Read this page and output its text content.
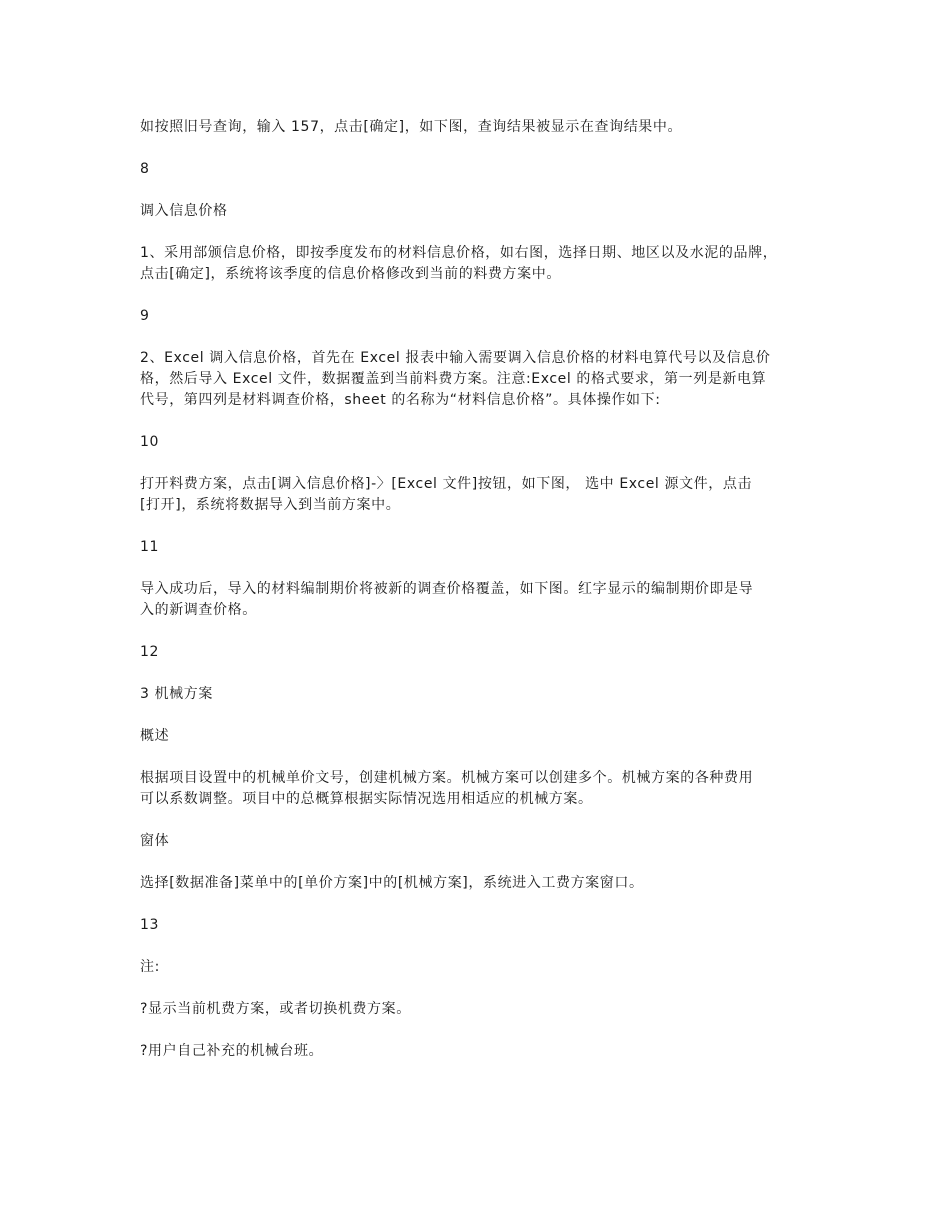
如按照旧号查询，输入 157，点击[确定]，如下图，查询结果被显示在查询结果中。

8

调入信息价格

1、采用部颁信息价格，即按季度发布的材料信息价格，如右图，选择日期、地区以及水泥的品牌，
点击[确定]，系统将该季度的信息价格修改到当前的料费方案中。

9

2、Excel 调入信息价格，首先在 Excel 报表中输入需要调入信息价格的材料电算代号以及信息价
格，然后导入 Excel 文件，数据覆盖到当前料费方案。注意:Excel 的格式要求，第一列是新电算
代号，第四列是材料调查价格，sheet 的名称为“材料信息价格”。具体操作如下:

10

打开料费方案，点击[调入信息价格]-〉[Excel 文件]按钮，如下图， 选中 Excel 源文件，点击
[打开]，系统将数据导入到当前方案中。

11

导入成功后，导入的材料编制期价将被新的调查价格覆盖，如下图。红字显示的编制期价即是导
入的新调查价格。

12

3 机械方案

概述

根据项目设置中的机械单价文号，创建机械方案。机械方案可以创建多个。机械方案的各种费用
可以系数调整。项目中的总概算根据实际情况选用相适应的机械方案。

窗体

选择[数据准备]菜单中的[单价方案]中的[机械方案]，系统进入工费方案窗口。

13

注:

?显示当前机费方案，或者切换机费方案。

?用户自己补充的机械台班。
